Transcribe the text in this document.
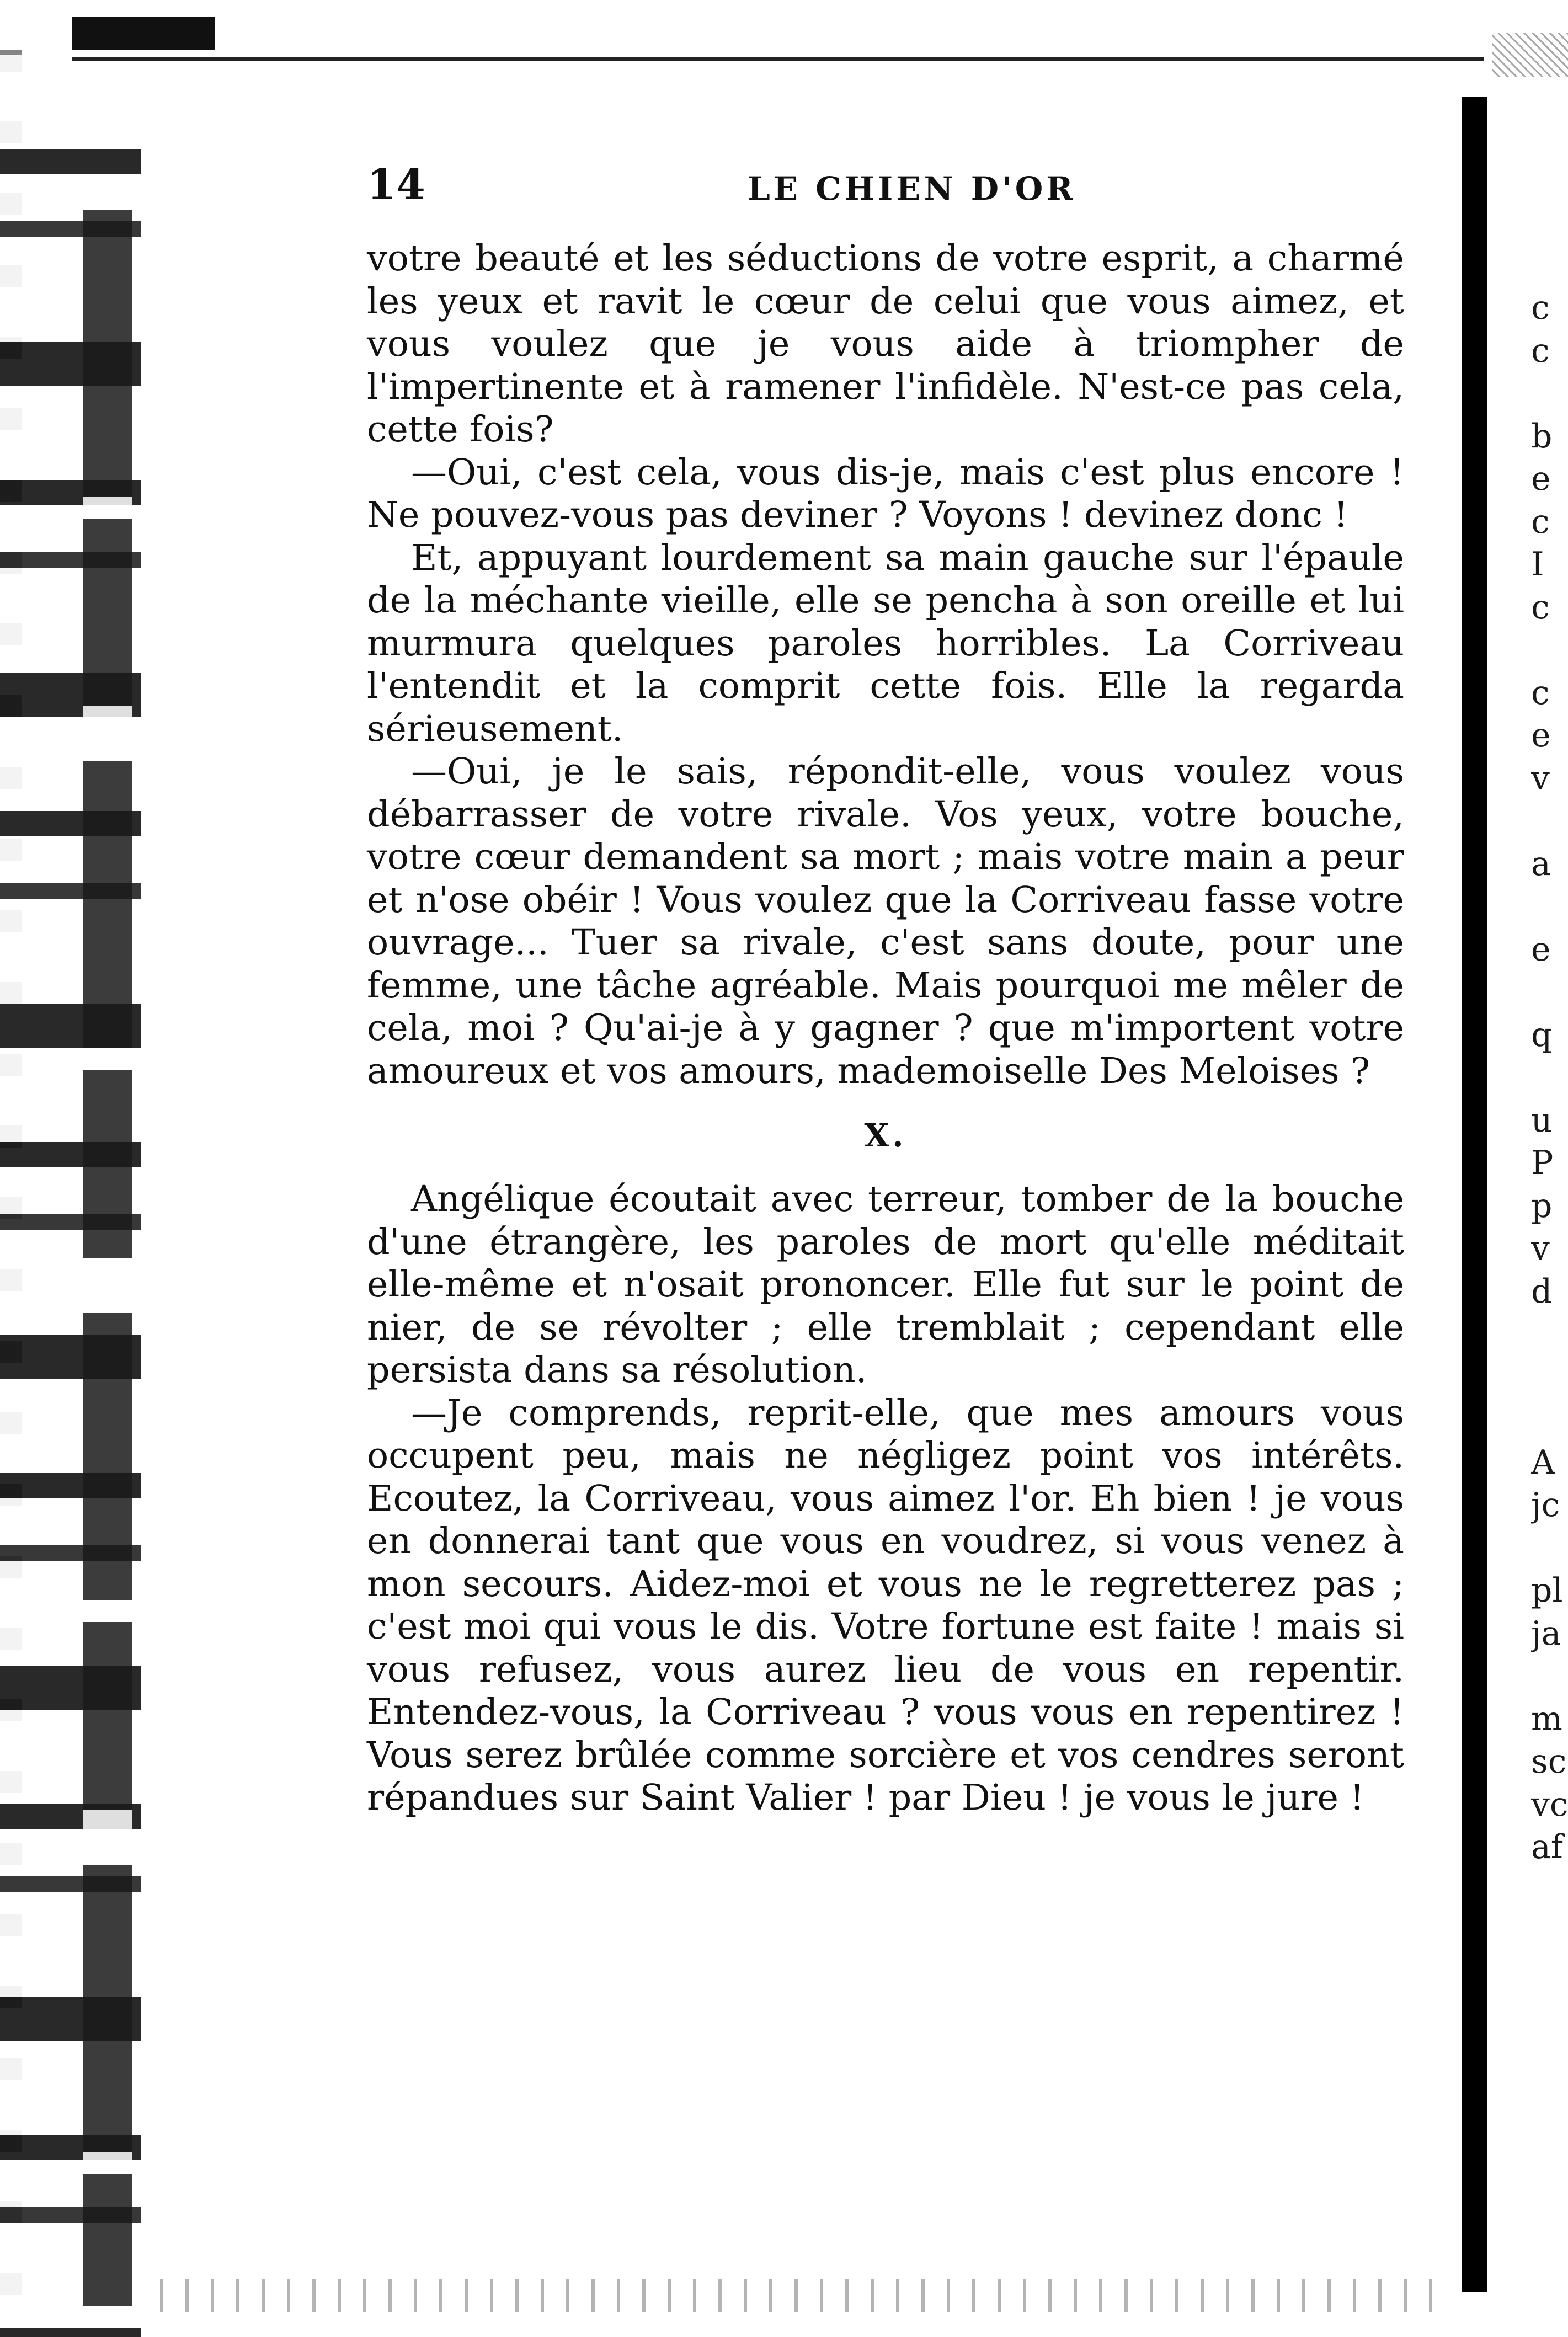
14	LE CHIEN D'OR

votre beauté et les séductions de votre esprit, a charmé les yeux et ravit le cœur de celui que vous aimez, et vous voulez que je vous aide à triompher de l'impertinente et à ramener l'infidèle. N'est-ce pas cela, cette fois?

—Oui, c'est cela, vous dis-je, mais c'est plus encore ! Ne pouvez-vous pas deviner ? Voyons ! devinez donc !

Et, appuyant lourdement sa main gauche sur l'épaule de la méchante vieille, elle se pencha à son oreille et lui murmura quelques paroles horribles. La Corriveau l'entendit et la comprit cette fois. Elle la regarda sérieusement.

—Oui, je le sais, répondit-elle, vous voulez vous débarrasser de votre rivale. Vos yeux, votre bouche, votre cœur demandent sa mort ; mais votre main a peur et n'ose obéir ! Vous voulez que la Corriveau fasse votre ouvrage... Tuer sa rivale, c'est sans doute, pour une femme, une tâche agréable. Mais pourquoi me mêler de cela, moi ? Qu'ai-je à y gagner ? que m'importent votre amoureux et vos amours, mademoiselle Des Meloises ?

X.

Angélique écoutait avec terreur, tomber de la bouche d'une étrangère, les paroles de mort qu'elle méditait elle-même et n'osait prononcer. Elle fut sur le point de nier, de se révolter ; elle tremblait ; cependant elle persista dans sa résolution.

—Je comprends, reprit-elle, que mes amours vous occupent peu, mais ne négligez point vos intérêts. Ecoutez, la Corriveau, vous aimez l'or. Eh bien ! je vous en donnerai tant que vous en voudrez, si vous venez à mon secours. Aidez-moi et vous ne le regretterez pas ; c'est moi qui vous le dis. Votre fortune est faite ! mais si vous refusez, vous aurez lieu de vous en repentir. Entendez-vous, la Corriveau ? vous vous en repentirez ! Vous serez brûlée comme sorcière et vos cendres seront répandues sur Saint Valier ! par Dieu ! je vous le jure !

c
c
b
e
c
I
c
c
e
v
a
e
q
u
P
p
v
d
A
jc
pl
ja
m
sc
vc
af
